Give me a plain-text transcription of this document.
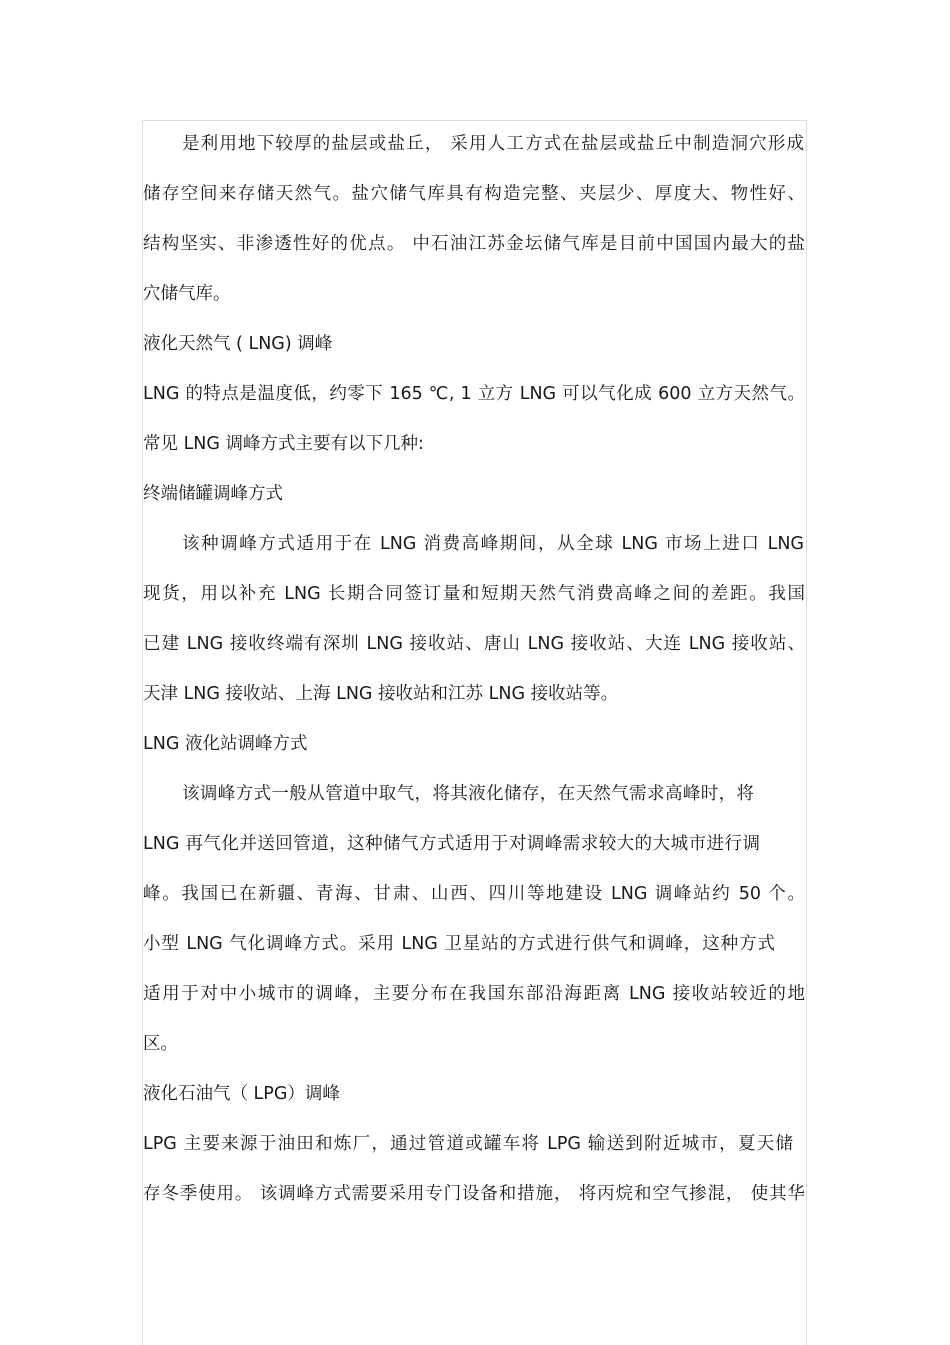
是利用地下较厚的盐层或盐丘， 采用人工方式在盐层或盐丘中制造洞穴形成
储存空间来存储天然气。盐穴储气库具有构造完整、夹层少、厚度大、物性好、
结构坚实、非渗透性好的优点。 中石油江苏金坛储气库是目前中国国内最大的盐
穴储气库。
液化天然气 ( LNG) 调峰
LNG 的特点是温度低，约零下 165 ℃, 1 立方 LNG 可以气化成 600 立方天然气。
常见 LNG 调峰方式主要有以下几种:
终端储罐调峰方式
该种调峰方式适用于在 LNG 消费高峰期间，从全球 LNG 市场上进口 LNG
现货，用以补充 LNG 长期合同签订量和短期天然气消费高峰之间的差距。我国
已建 LNG 接收终端有深圳 LNG 接收站、唐山 LNG 接收站、大连 LNG 接收站、
天津 LNG 接收站、上海 LNG 接收站和江苏 LNG 接收站等。
LNG 液化站调峰方式
该调峰方式一般从管道中取气，将其液化储存，在天然气需求高峰时，将
LNG 再气化并送回管道，这种储气方式适用于对调峰需求较大的大城市进行调
峰。我国已在新疆、青海、甘肃、山西、四川等地建设 LNG 调峰站约 50 个。
小型 LNG 气化调峰方式。采用 LNG 卫星站的方式进行供气和调峰，这种方式
适用于对中小城市的调峰，主要分布在我国东部沿海距离 LNG 接收站较近的地
区。
液化石油气（ LPG）调峰
LPG 主要来源于油田和炼厂，通过管道或罐车将 LPG 输送到附近城市，夏天储
存冬季使用。 该调峰方式需要采用专门设备和措施， 将丙烷和空气掺混， 使其华
